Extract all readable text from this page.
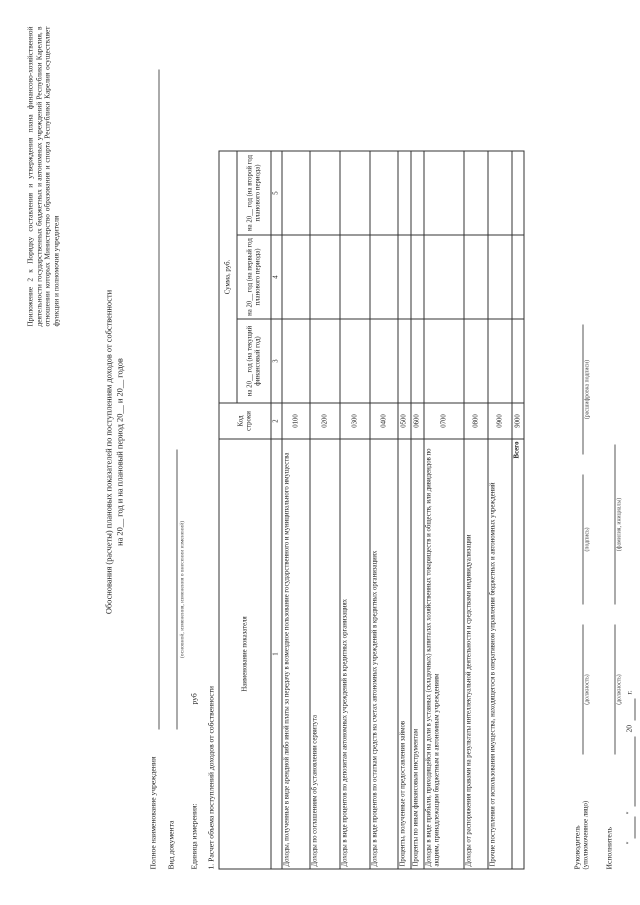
Приложение 2 к Порядку составления и утверждения плана финансово-хозяйственной деятельности государственных бюджетных и автономных учреждений Республики Карелия, в отношении которых Министерство образования и спорта Республики Карелия осуществляет функции и полномочия учредителя
Обоснования (расчеты) плановых показателей по поступлениям доходов от собственности на 20__ год и на плановый период 20__ и 20__ годов
Полное наименование учреждения Вид документа
(основной, изменения, изменения о внесении изменений)
Единица измерения:
руб 1. Расчет объема поступлений доходов от собственности
Наименование показателя	Код строки	Сумма, руб.		
		на 20__ год (на текущий финансовый год)	на 20__ год (на первый год планового периода)	на 20__ год (на второй год планового периода)
1	2	3	4	5
Доходы, полученные в виде арендной либо иной платы за передачу в возмездное пользование государственного и муниципального имущества	0100			
Доходы по соглашениям об установлении сервитута	0200			
Доходы в виде процентов по депозитам автономных учреждений в кредитных организациях	0300			
Доходы в виде процентов по остаткам средств на счетах автономных учреждений в кредитных организациях	0400			
Проценты, полученные от предоставления займов	0500			
Проценты по иным финансовым инструментам	0600			
Доходы в виде прибыли, приходящейся на доли в уставных (складочных) капиталах хозяйственных товариществ и обществ, или дивидендов по акциям, принадлежащим бюджетным и автономным учреждениям	0700			
Доходы от распоряжения правами на результаты интеллектуальной деятельности и средствами индивидуализации	0800			
Прочие поступления от использования имущества, находящегося в оперативном управлении бюджетных и автономных учреждений	0900			
Всего	9000			
Руководитель (уполномоченное лицо)
(должность)
(подпись)
(расшифровка подписи)
Исполнитель
(должность)
(фамилия, инициалы)
"
"
20
г.
